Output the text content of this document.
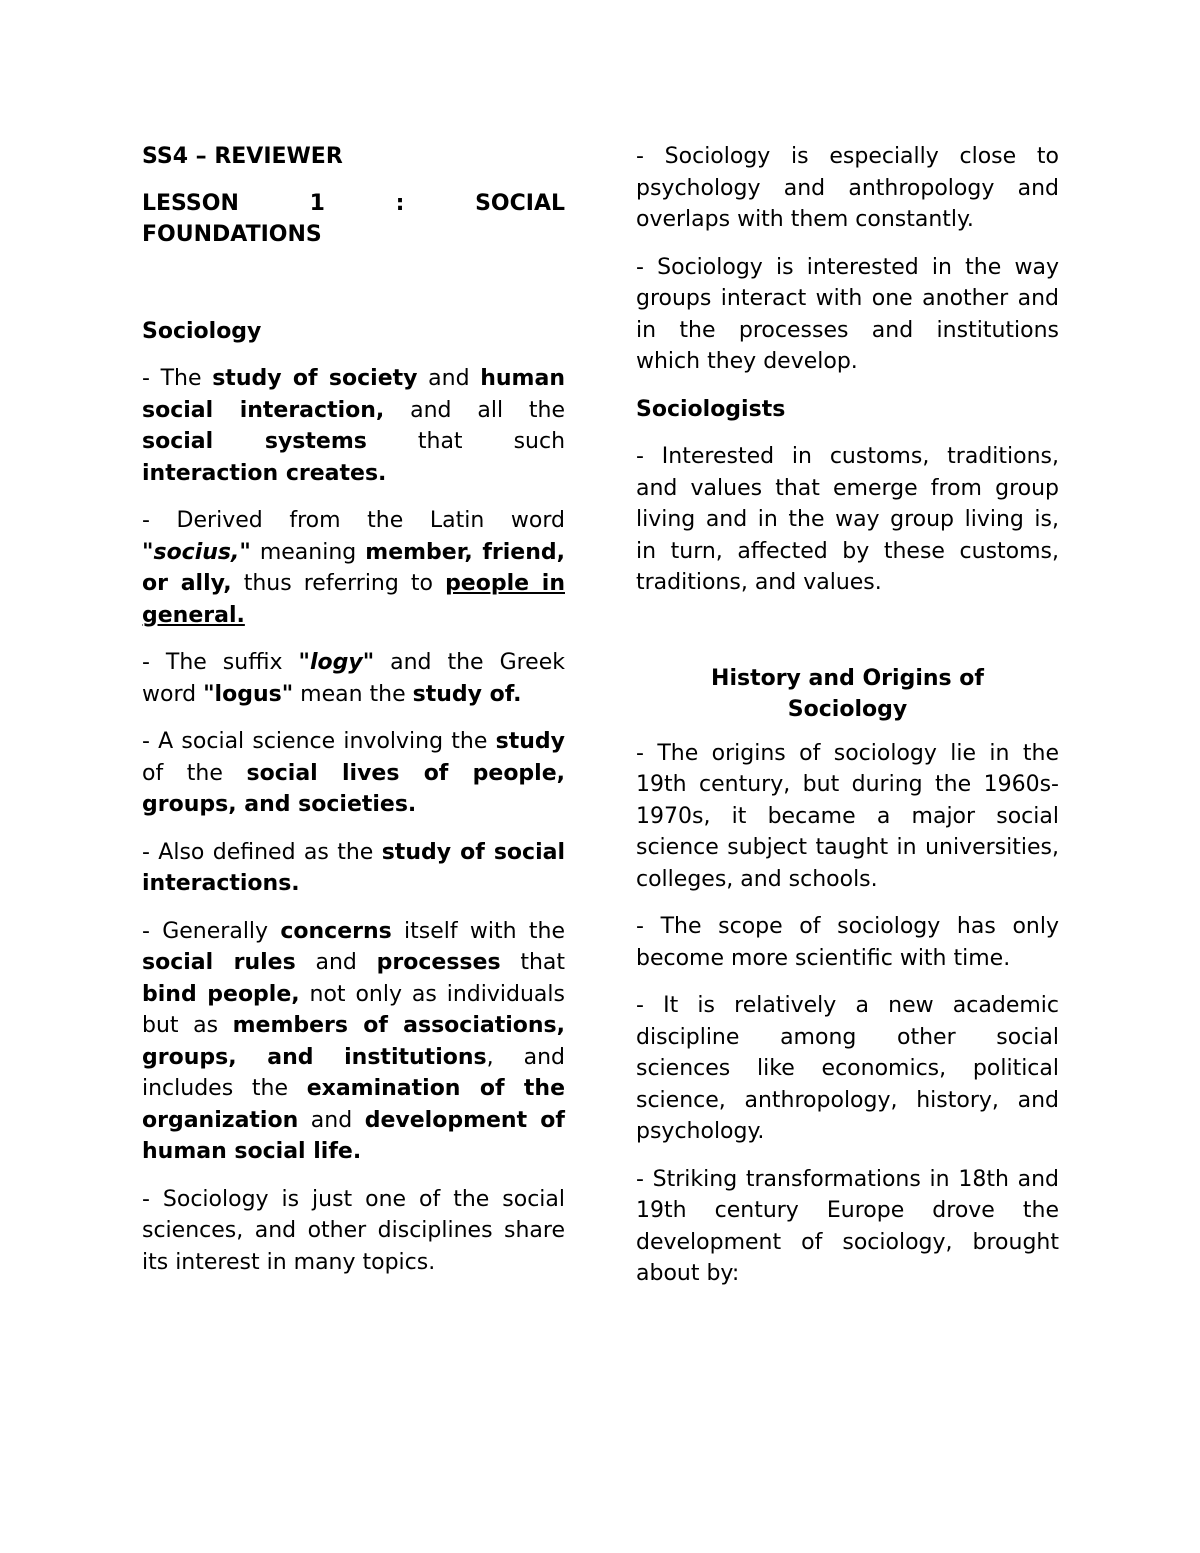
SS4 – REVIEWER
LESSON	1	:	SOCIAL
FOUNDATIONS
Sociology

- The study of society and human social interaction, and all the social systems that such interaction creates.

- Derived from the Latin word "socius," meaning member, friend, or ally, thus referring to people in general.

- The suffix "logy" and the Greek word "logus" mean the study of.

- A social science involving the study of the social lives of people, groups, and societies.

- Also defined as the study of social interactions.

- Generally concerns itself with the social rules and processes that bind people, not only as individuals but as members of associations, groups, and institutions, and includes the examination of the organization and development of human social life.

- Sociology is just one of the social sciences, and other disciplines share its interest in many topics.

- Sociology is especially close to psychology and anthropology and overlaps with them constantly.

- Sociology is interested in the way groups interact with one another and in the processes and institutions which they develop.

Sociologists

- Interested in customs, traditions, and values that emerge from group living and in the way group living is, in turn, affected by these customs, traditions, and values.

History and Origins of
Sociology

- The origins of sociology lie in the 19th century, but during the 1960s-1970s, it became a major social science subject taught in universities, colleges, and schools.

- The scope of sociology has only become more scientific with time.

- It is relatively a new academic discipline among other social sciences like economics, political science, anthropology, history, and psychology.

- Striking transformations in 18th and 19th century Europe drove the development of sociology, brought about by:
